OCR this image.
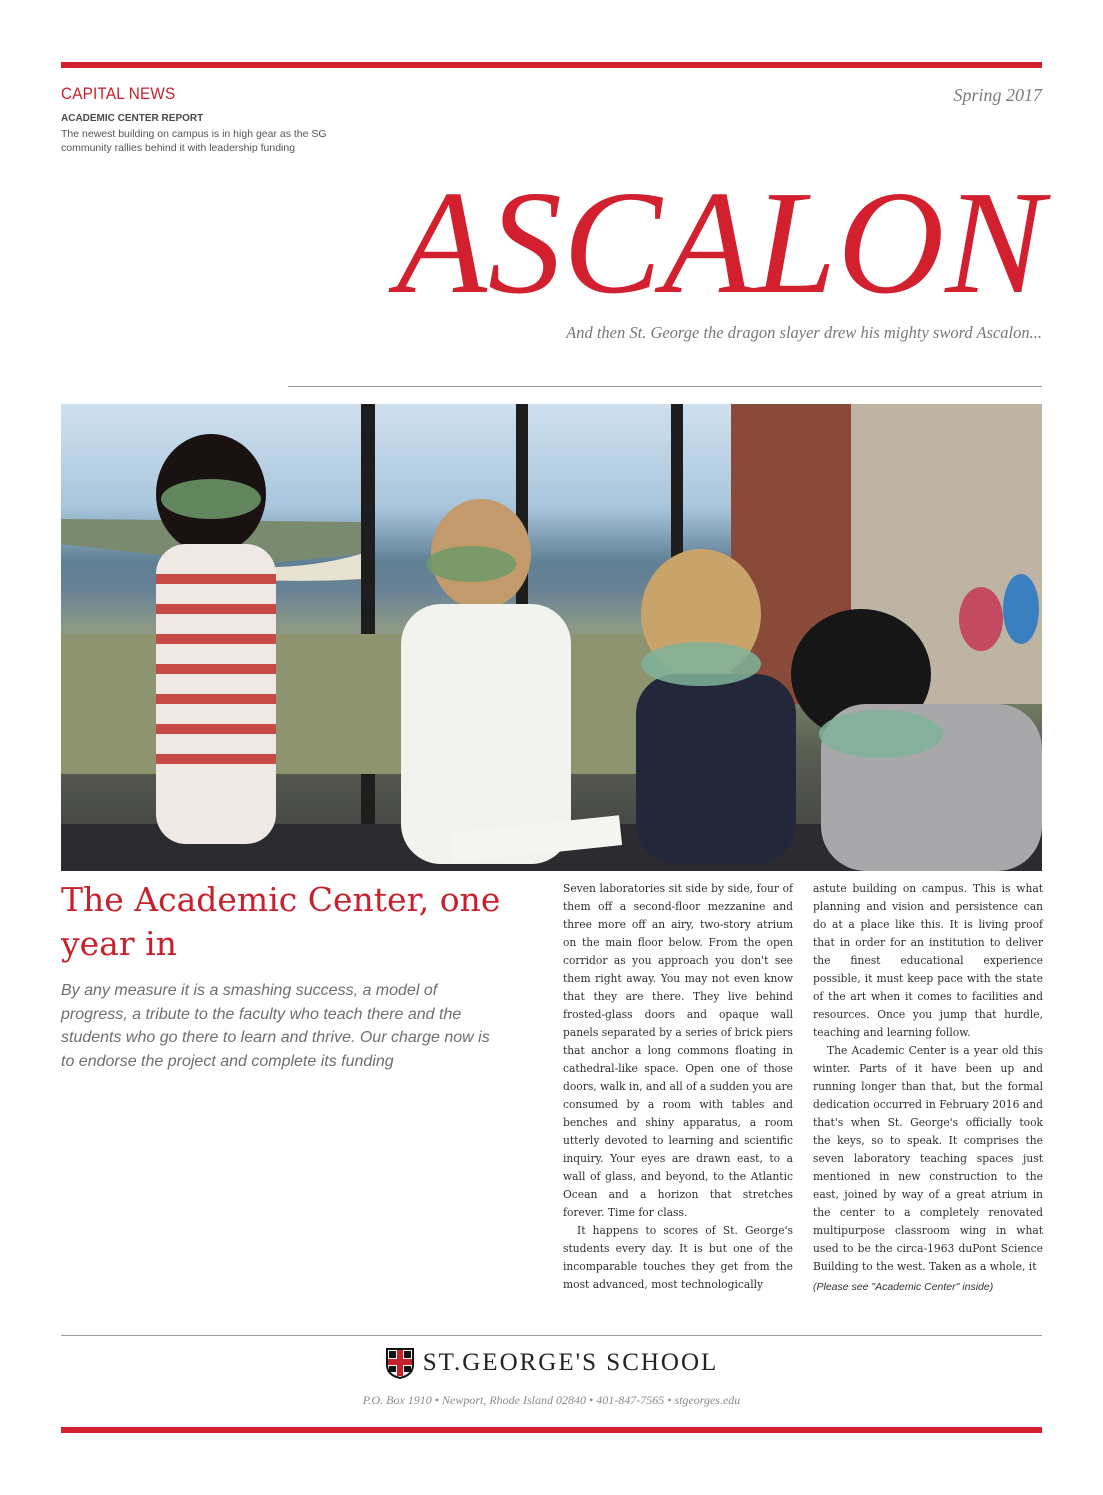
CAPITAL NEWS
ACADEMIC CENTER REPORT
The newest building on campus is in high gear as the SG community rallies behind it with leadership funding
Spring 2017
ASCALON
And then St. George the dragon slayer drew his mighty sword Ascalon...
The Academic Center, one year in
By any measure it is a smashing success, a model of progress, a tribute to the faculty who teach there and the students who go there to learn and thrive. Our charge now is to endorse the project and complete its funding

Seven laboratories sit side by side, four of them off a second-floor mezzanine and three more off an airy, two-story atrium on the main floor below. From the open corridor as you approach you don't see them right away. You may not even know that they are there. They live behind frosted-glass doors and opaque wall panels separated by a series of brick piers that anchor a long commons floating in cathedral-like space. Open one of those doors, walk in, and all of a sudden you are consumed by a room with tables and benches and shiny apparatus, a room utterly devoted to learning and scientific inquiry. Your eyes are drawn east, to a wall of glass, and beyond, to the Atlantic Ocean and a horizon that stretches forever. Time for class.

It happens to scores of St. George's students every day. It is but one of the incomparable touches they get from the most advanced, most technologically

astute building on campus. This is what planning and vision and persistence can do at a place like this. It is living proof that in order for an institution to deliver the finest educational experience possible, it must keep pace with the state of the art when it comes to facilities and resources. Once you jump that hurdle, teaching and learning follow.

The Academic Center is a year old this winter. Parts of it have been up and running longer than that, but the formal dedication occurred in February 2016 and that's when St. George's officially took the keys, so to speak. It comprises the seven laboratory teaching spaces just mentioned in new construction to the east, joined by way of a great atrium in the center to a completely renovated multipurpose classroom wing in what used to be the circa-1963 duPont Science Building to the west. Taken as a whole, it

(Please see "Academic Center" inside)
ST.GEORGE'S SCHOOL
P.O. Box 1910 • Newport, Rhode Island 02840 • 401-847-7565 • stgeorges.edu
